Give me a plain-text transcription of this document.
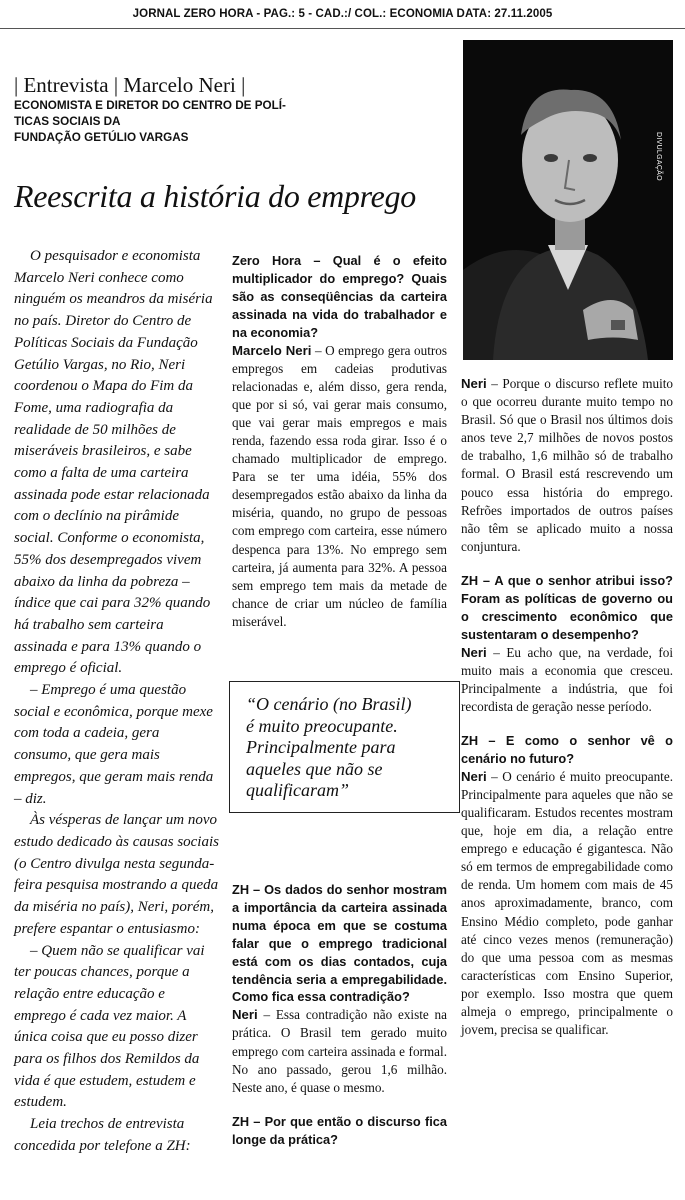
JORNAL ZERO HORA - PAG.: 5 - CAD.:/ COL.: ECONOMIA DATA: 27.11.2005
| Entrevista | Marcelo Neri |
ECONOMISTA E DIRETOR DO CENTRO DE POLÍ-
TICAS SOCIAIS DA
FUNDAÇÃO GETÚLIO VARGAS	DIVULGAÇÃO
Reescrita a história do emprego

O pesquisador e economista Marcelo Neri conhece como ninguém os meandros da miséria no país. Diretor do Centro de Políticas Sociais da Fundação Getúlio Vargas, no Rio, Neri coordenou o Mapa do Fim da Fome, uma radiografia da realidade de 50 milhões de miseráveis brasileiros, e sabe como a falta de uma carteira assinada pode estar relacionada com o declínio na pirâmide social. Conforme o economista, 55% dos desempregados vivem abaixo da linha da pobreza – índice que cai para 32% quando há trabalho sem carteira assinada e para 13% quando o emprego é oficial.

– Emprego é uma questão social e econômica, porque mexe com toda a cadeia, gera consumo, que gera mais empregos, que geram mais renda – diz.

Às vésperas de lançar um novo estudo dedicado às causas sociais (o Centro divulga nesta segunda-feira pesquisa mostrando a queda da miséria no país), Neri, porém, prefere espantar o entusiasmo:

– Quem não se qualificar vai ter poucas chances, porque a relação entre educação e emprego é cada vez maior. A única coisa que eu posso dizer para os filhos dos Remildos da vida é que estudem, estudem e estudem.

Leia trechos de entrevista concedida por telefone a ZH:

Zero Hora – Qual é o efeito multiplicador do emprego? Quais são as conseqüências da carteira assinada na vida do trabalhador e na economia?

Marcelo Neri – O emprego gera outros empregos em cadeias produtivas relacionadas e, além disso, gera renda, que por si só, vai gerar mais consumo, que vai gerar mais empregos e mais renda, fazendo essa roda girar. Isso é o chamado multiplicador de emprego. Para se ter uma idéia, 55% dos desempregados estão abaixo da linha da miséria, quando, no grupo de pessoas com emprego com carteira, esse número despenca para 13%. No emprego sem carteira, já aumenta para 32%. A pessoa sem emprego tem mais da metade de chance de criar um núcleo de família miserável.

“O cenário (no Brasil)
é muito preocupante.
Principalmente para
aqueles que não se
qualificaram”

ZH – Os dados do senhor mostram a importância da carteira assinada numa época em que se costuma falar que o emprego tradicional está com os dias contados, cuja tendência seria a empregabilidade. Como fica essa contradição?

Neri – Essa contradição não existe na prática. O Brasil tem gerado muito emprego com carteira assinada e formal. No ano passado, gerou 1,6 milhão. Neste ano, é quase o mesmo.

ZH – Por que então o discurso fica longe da prática?

Neri – Porque o discurso reflete muito o que ocorreu durante muito tempo no Brasil. Só que o Brasil nos últimos dois anos teve 2,7 milhões de novos postos de trabalho, 1,6 milhão só de trabalho formal. O Brasil está rescrevendo um pouco essa história do emprego. Refrões importados de outros países não têm se aplicado muito a nossa conjuntura.

ZH – A que o senhor atribui isso? Foram as políticas de governo ou o crescimento econômico que sustentaram o desempenho?

Neri – Eu acho que, na verdade, foi muito mais a economia que cresceu. Principalmente a indústria, que foi recordista de geração nesse período.

ZH – E como o senhor vê o cenário no futuro?

Neri – O cenário é muito preocupante. Principalmente para aqueles que não se qualificaram. Estudos recentes mostram que, hoje em dia, a relação entre emprego e educação é gigantesca. Não só em termos de empregabilidade como de renda. Um homem com mais de 45 anos aproximadamente, branco, com Ensino Médio completo, pode ganhar até cinco vezes menos (remuneração) do que uma pessoa com as mesmas características com Ensino Superior, por exemplo. Isso mostra que quem almeja o emprego, principalmente o jovem, precisa se qualificar.
